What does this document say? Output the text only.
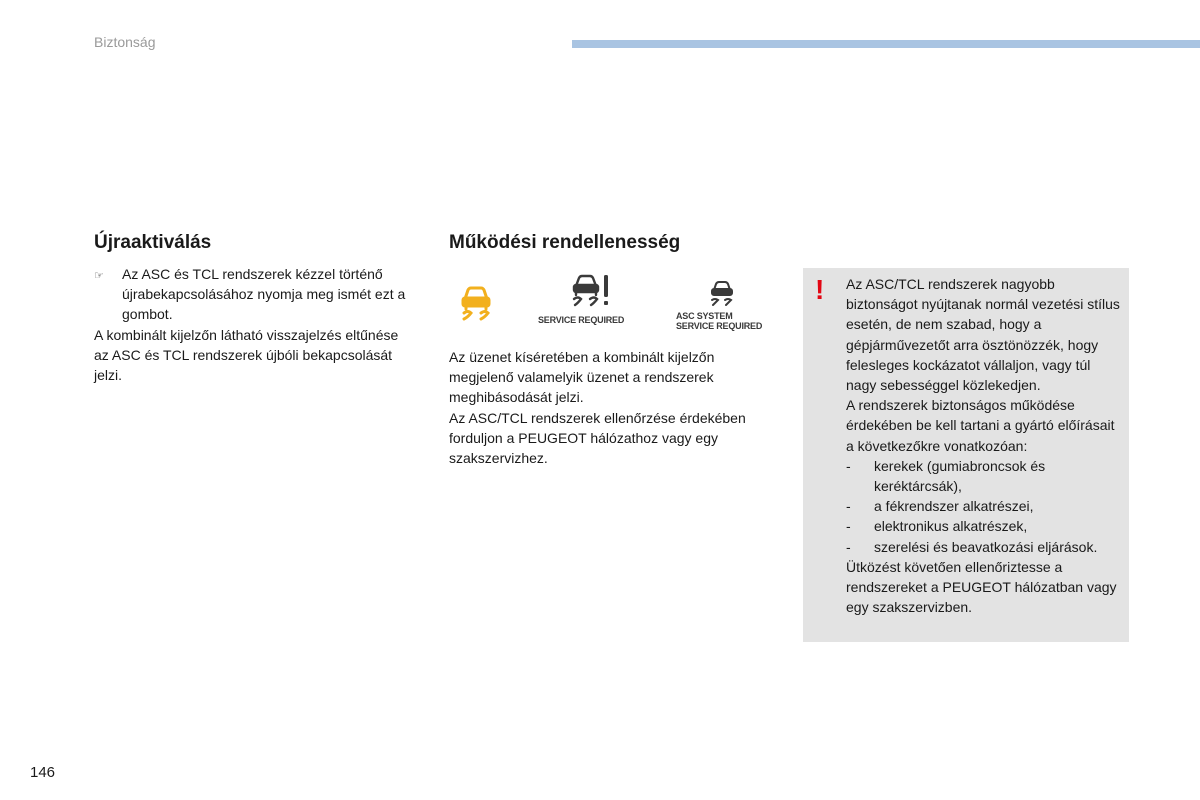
Biztonság
Újraaktiválás
☞	Az ASC és TCL rendszerek kézzel történő újrabekapcsolásához nyomja meg ismét ezt a gombot.

A kombinált kijelzőn látható visszajelzés eltűnése az ASC és TCL rendszerek újbóli bekapcsolását jelzi.

Működési rendellenesség
SERVICE REQUIRED	ASC SYSTEM
SERVICE REQUIRED

Az üzenet kíséretében a kombinált kijelzőn megjelenő valamelyik üzenet a rendszerek meghibásodását jelzi.

Az ASC/TCL rendszerek ellenőrzése érdekében forduljon a PEUGEOT hálózathoz vagy egy szakszervizhez.

! Az ASC/TCL rendszerek nagyobb biztonságot nyújtanak normál vezetési stílus esetén, de nem szabad, hogy a gépjárművezetőt arra ösztönözzék, hogy felesleges kockázatot vállaljon, vagy túl nagy sebességgel közlekedjen.

A rendszerek biztonságos működése érdekében be kell tartani a gyártó előírásait a következőkre vonatkozóan:

-	kerekek (gumiabroncsok és keréktárcsák),
-	a fékrendszer alkatrészei,
-	elektronikus alkatrészek,
-	szerelési és beavatkozási eljárások.

Ütközést követően ellenőriztesse a rendszereket a PEUGEOT hálózatban vagy egy szakszervizben.

146
